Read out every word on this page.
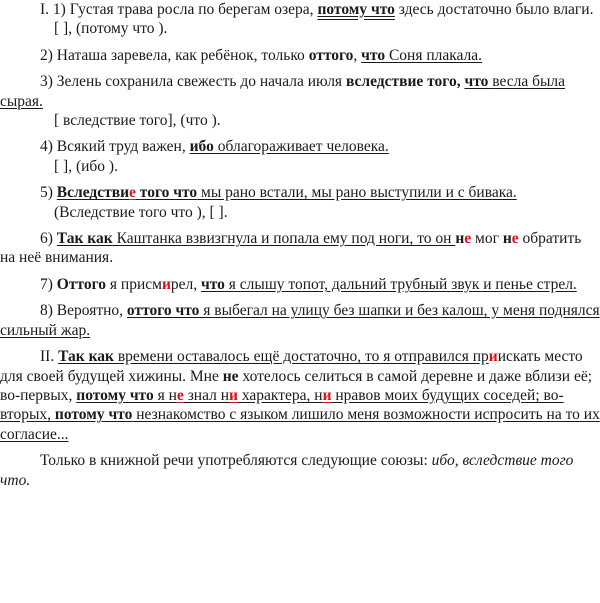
I. 1) Густая трава росла по берегам озера, потому что здесь достаточно было влаги.

[ ], (потому что ).

2) Наташа заревела, как ребёнок, только оттого, что Соня плакала.

3) Зелень сохранила свежесть до начала июля вследствие того, что весла была сырая.

[ вследствие того], (что ).

4) Всякий труд важен, ибо облагораживает человека.

[ ], (ибо ).

5) Вследствие того что мы рано встали, мы рано выступили и с бивака.

(Вследствие того что ), [ ].

6) Так как Каштанка взвизгнула и попала ему под ноги, то он не мог не обратить на неё внимания.

7) Оттого я присмирел, что я слышу топот, дальний трубный звук и пенье стрел.

8) Вероятно, оттого что я выбегал на улицу без шапки и без калош, у меня поднялся сильный жар.

II. Так как времени оставалось ещё достаточно, то я отправился приискать место для своей будущей хижины. Мне не хотелось селиться в самой деревне и даже вблизи её; во-первых, потому что я не знал ни характера, ни нравов моих будущих соседей; во-вторых, потому что незнакомство с языком лишило меня возможности испросить на то их согласие...

Только в книжной речи употребляются следующие союзы: ибо, вследствие того что.
